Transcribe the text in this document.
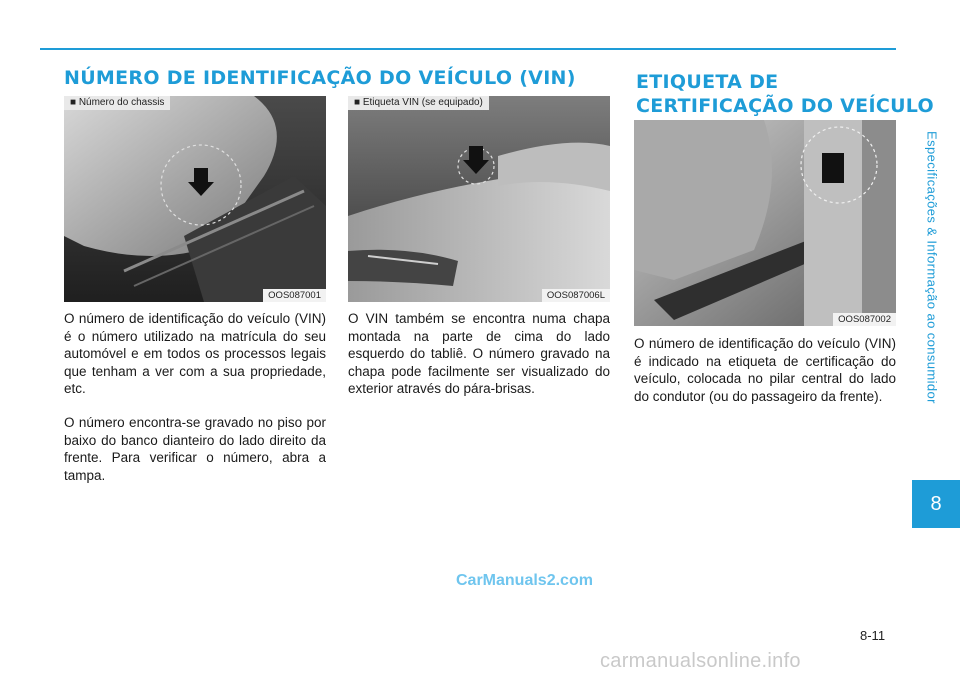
NÚMERO DE IDENTIFICAÇÃO DO VEÍCULO (VIN)
■ Número do chassis
OOS087001
■ Etiqueta VIN (se equipado)
OOS087006L

O número de identificação do veículo (VIN) é o número utilizado na matrícula do seu automóvel e em todos os processos legais que tenham a ver com a sua propriedade, etc.

O número encontra-se gravado no piso por baixo do banco dianteiro do lado direito da frente. Para verificar o número, abra a tampa.

O VIN também se encontra numa chapa montada na parte de cima do lado esquerdo do tabliê. O número gravado na chapa pode facilmente ser visualizado do exterior através do pára-brisas.

ETIQUETA DE
CERTIFICAÇÃO DO VEÍCULO
OOS087002

O número de identificação do veículo (VIN) é indicado na etiqueta de certificação do veículo, colocada no pilar central do lado do condutor (ou do passageiro da frente).	Especificações & Informação ao consumidor
8
CarManuals2.com
8-11
carmanualsonline.info
